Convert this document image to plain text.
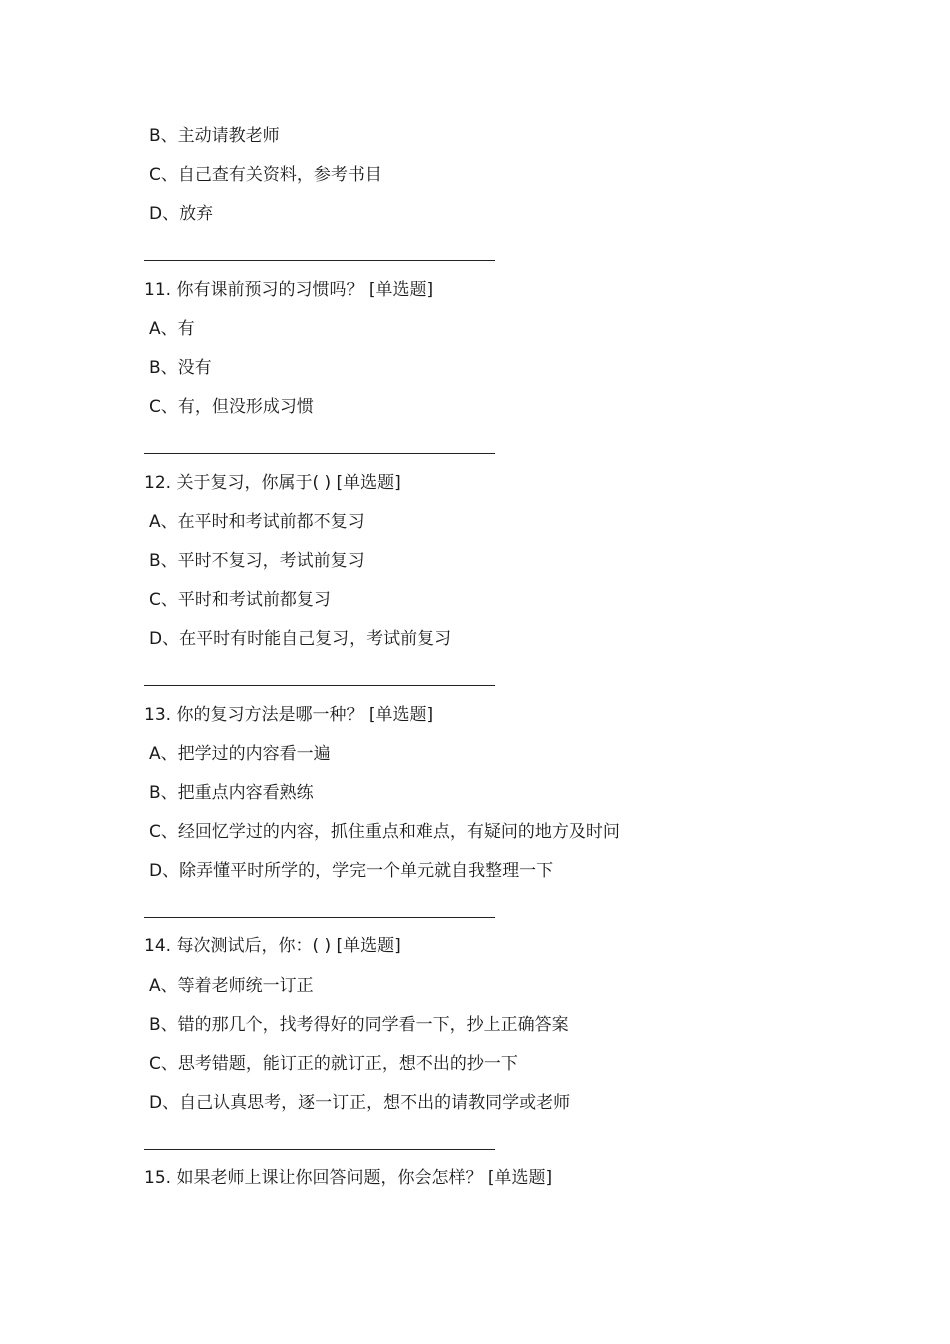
B、主动请教老师
C、自己查有关资料，参考书目
D、放弃
11. 你有课前预习的习惯吗？ [单选题]
A、有
B、没有
C、有，但没形成习惯
12. 关于复习，你属于( ) [单选题]
A、在平时和考试前都不复习
B、平时不复习，考试前复习
C、平时和考试前都复习
D、在平时有时能自己复习，考试前复习
13. 你的复习方法是哪一种？ [单选题]
A、把学过的内容看一遍
B、把重点内容看熟练
C、经回忆学过的内容，抓住重点和难点，有疑问的地方及时问
D、除弄懂平时所学的，学完一个单元就自我整理一下
14. 每次测试后，你：( ) [单选题]
A、等着老师统一订正
B、错的那几个，找考得好的同学看一下，抄上正确答案
C、思考错题，能订正的就订正，想不出的抄一下
D、自己认真思考，逐一订正，想不出的请教同学或老师
15. 如果老师上课让你回答问题，你会怎样？ [单选题]
